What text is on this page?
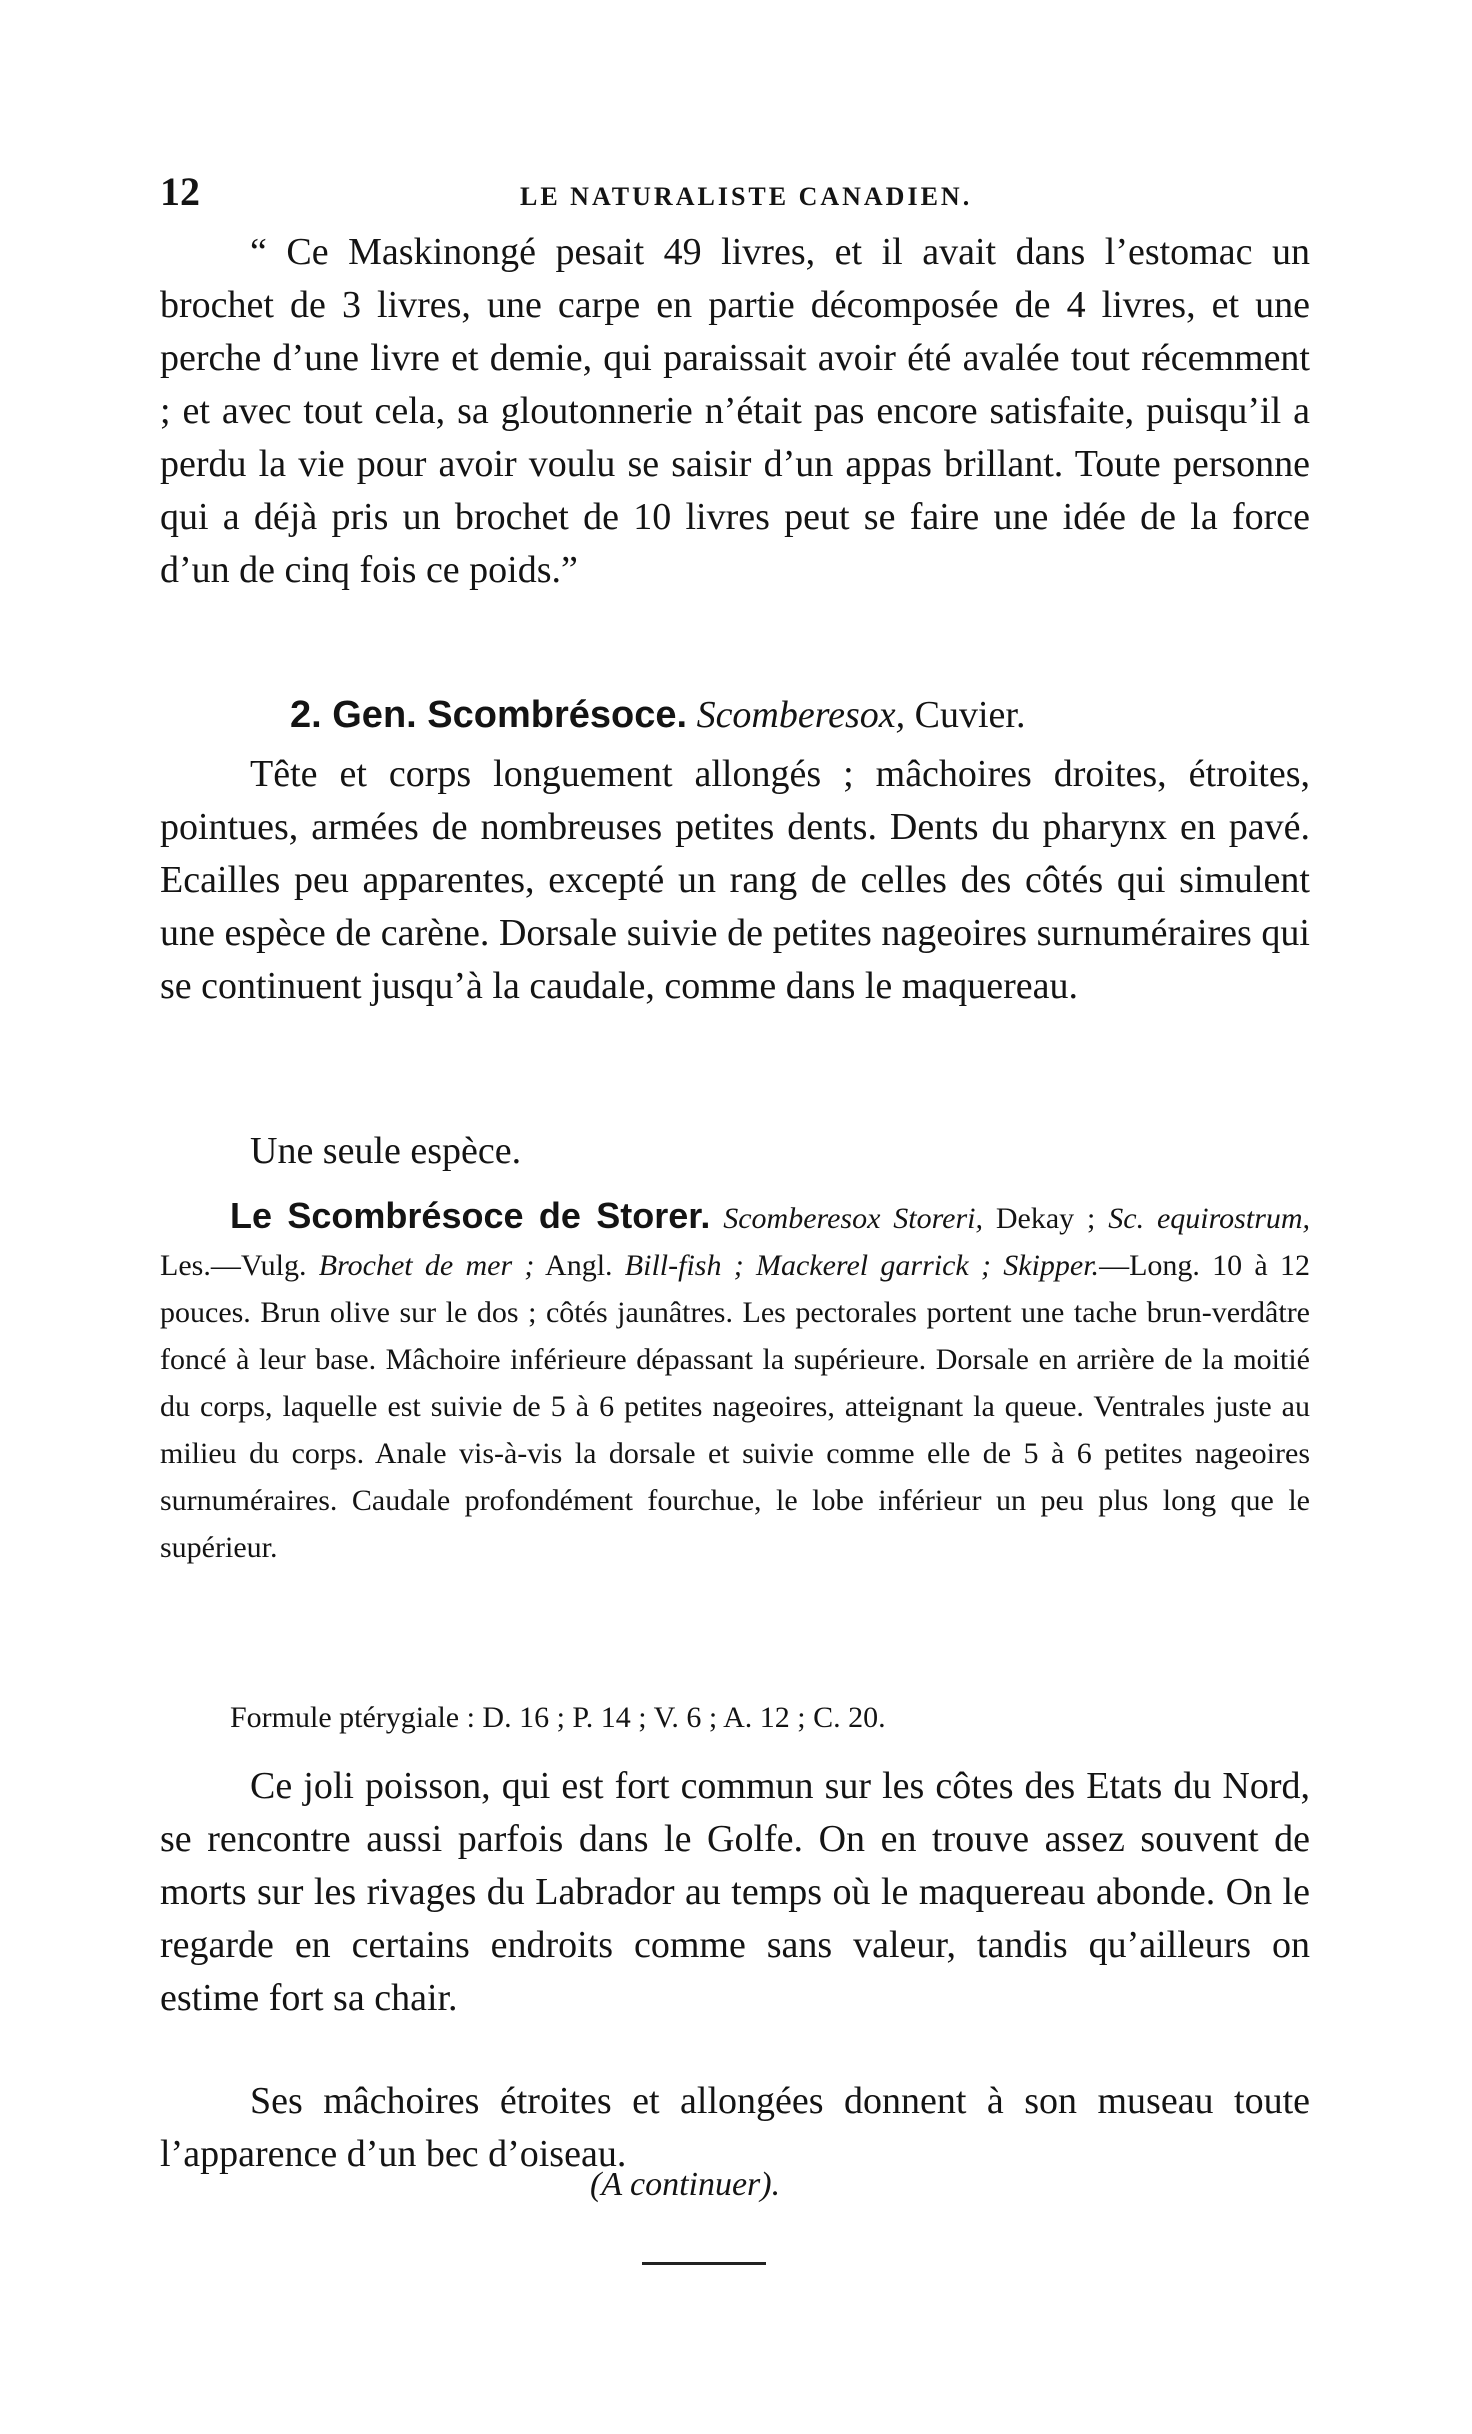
12	LE NATURALISTE CANADIEN.

“ Ce Maskinongé pesait 49 livres, et il avait dans l’estomac un brochet de 3 livres, une carpe en partie décomposée de 4 livres, et une perche d’une livre et demie, qui paraissait avoir été avalée tout récemment ; et avec tout cela, sa gloutonnerie n’était pas encore satisfaite, puisqu’il a perdu la vie pour avoir voulu se saisir d’un appas brillant. Toute personne qui a déjà pris un brochet de 10 livres peut se faire une idée de la force d’un de cinq fois ce poids.”

2. Gen. Scombrésoce. Scomberesox, Cuvier.

Tête et corps longuement allongés ; mâchoires droites, étroites, pointues, armées de nombreuses petites dents. Dents du pharynx en pavé. Ecailles peu apparentes, excepté un rang de celles des côtés qui simulent une espèce de carène. Dorsale suivie de petites nageoires surnuméraires qui se continuent jusqu’à la caudale, comme dans le maquereau.

Une seule espèce.

Le Scombrésoce de Storer. Scomberesox Storeri, Dekay ; Sc. equirostrum, Les.—Vulg. Brochet de mer ; Angl. Bill-fish ; Mackerel garrick ; Skipper.—Long. 10 à 12 pouces. Brun olive sur le dos ; côtés jaunâtres. Les pectorales portent une tache brun-verdâtre foncé à leur base. Mâchoire inférieure dépassant la supérieure. Dorsale en arrière de la moitié du corps, laquelle est suivie de 5 à 6 petites nageoires, atteignant la queue. Ventrales juste au milieu du corps. Anale vis-à-vis la dorsale et suivie comme elle de 5 à 6 petites nageoires surnuméraires. Caudale profondément fourchue, le lobe inférieur un peu plus long que le supérieur.

Formule ptérygiale : D. 16 ; P. 14 ; V. 6 ; A. 12 ; C. 20.

Ce joli poisson, qui est fort commun sur les côtes des Etats du Nord, se rencontre aussi parfois dans le Golfe. On en trouve assez souvent de morts sur les rivages du Labrador au temps où le maquereau abonde. On le regarde en certains endroits comme sans valeur, tandis qu’ailleurs on estime fort sa chair.

Ses mâchoires étroites et allongées donnent à son museau toute l’apparence d’un bec d’oiseau.

(A continuer).
